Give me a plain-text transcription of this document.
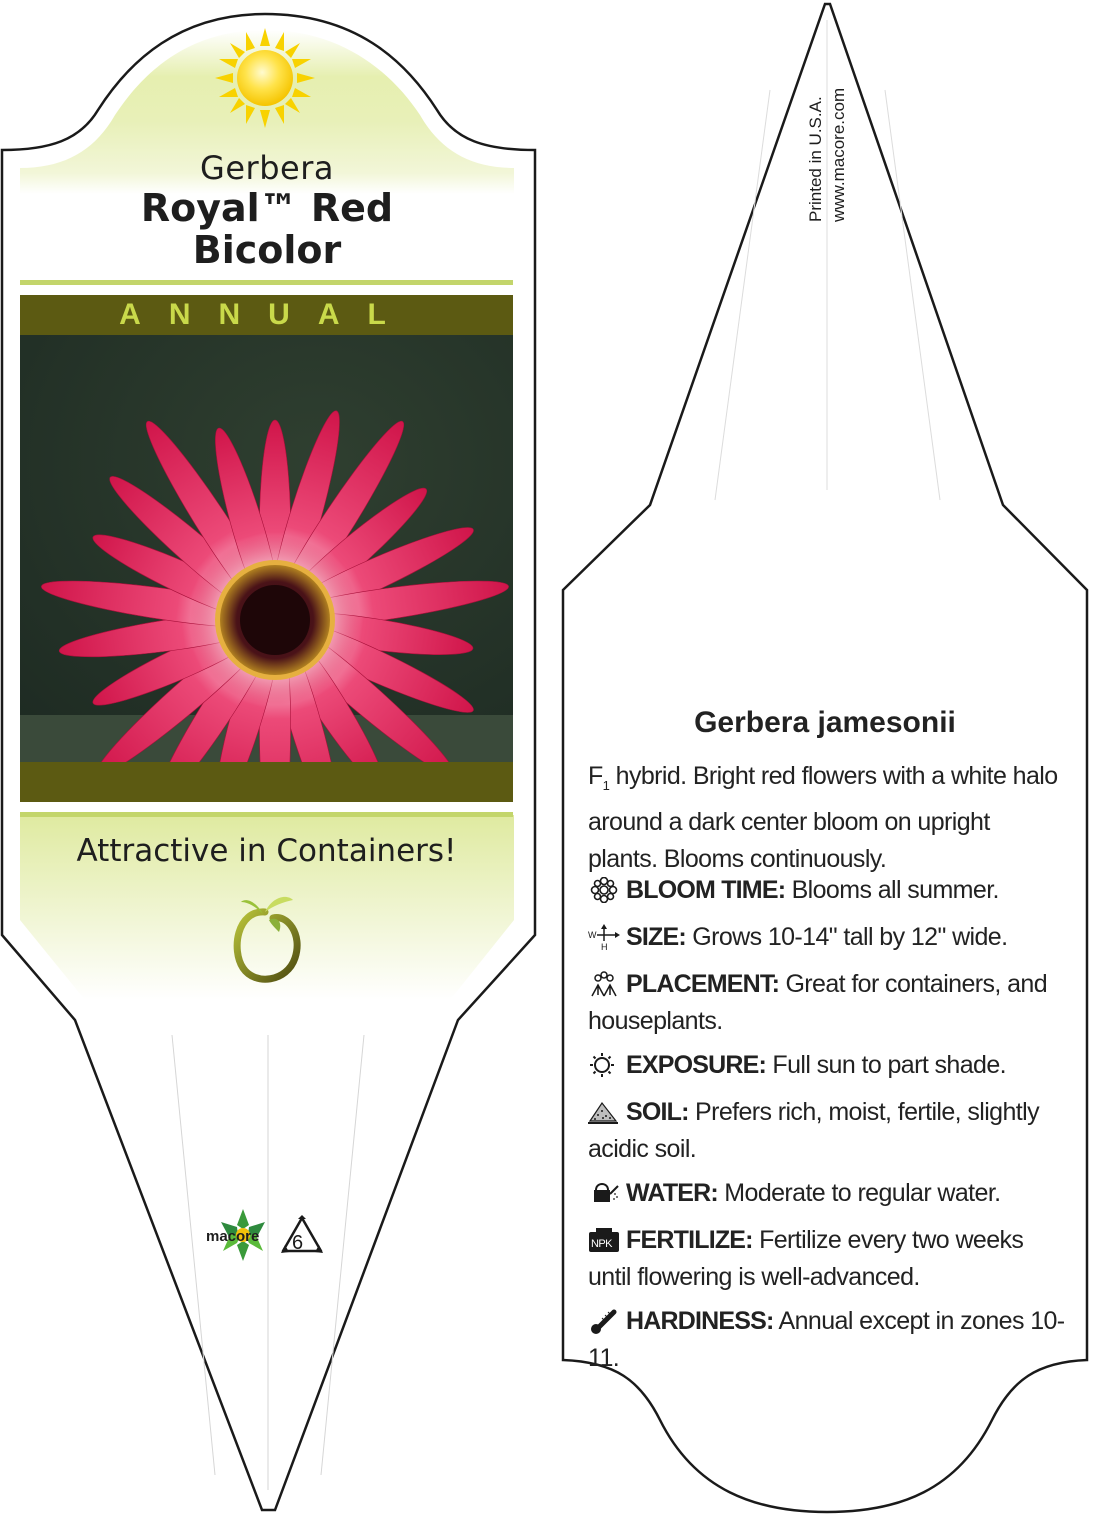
Gerbera
Royal™ Red
Bicolor
ANNUAL
Attractive in Containers!
macore 6
Printed in U.S.A. www.macore.com
Gerbera jamesonii
$F_1$ hybrid. Bright red flowers with a white halo around a dark center bloom on upright plants. Blooms continuously.
BLOOM TIME: Blooms all summer.
W
H SIZE: Grows 10-14" tall by 12" wide.
PLACEMENT: Great for containers, and houseplants.
EXPOSURE: Full sun to part shade.
SOIL: Prefers rich, moist, fertile, slightly acidic soil.
WATER: Moderate to regular water.
NPK FERTILIZE: Fertilize every two weeks until flowering is well-advanced.
HARDINESS: Annual except in zones 10-11.
